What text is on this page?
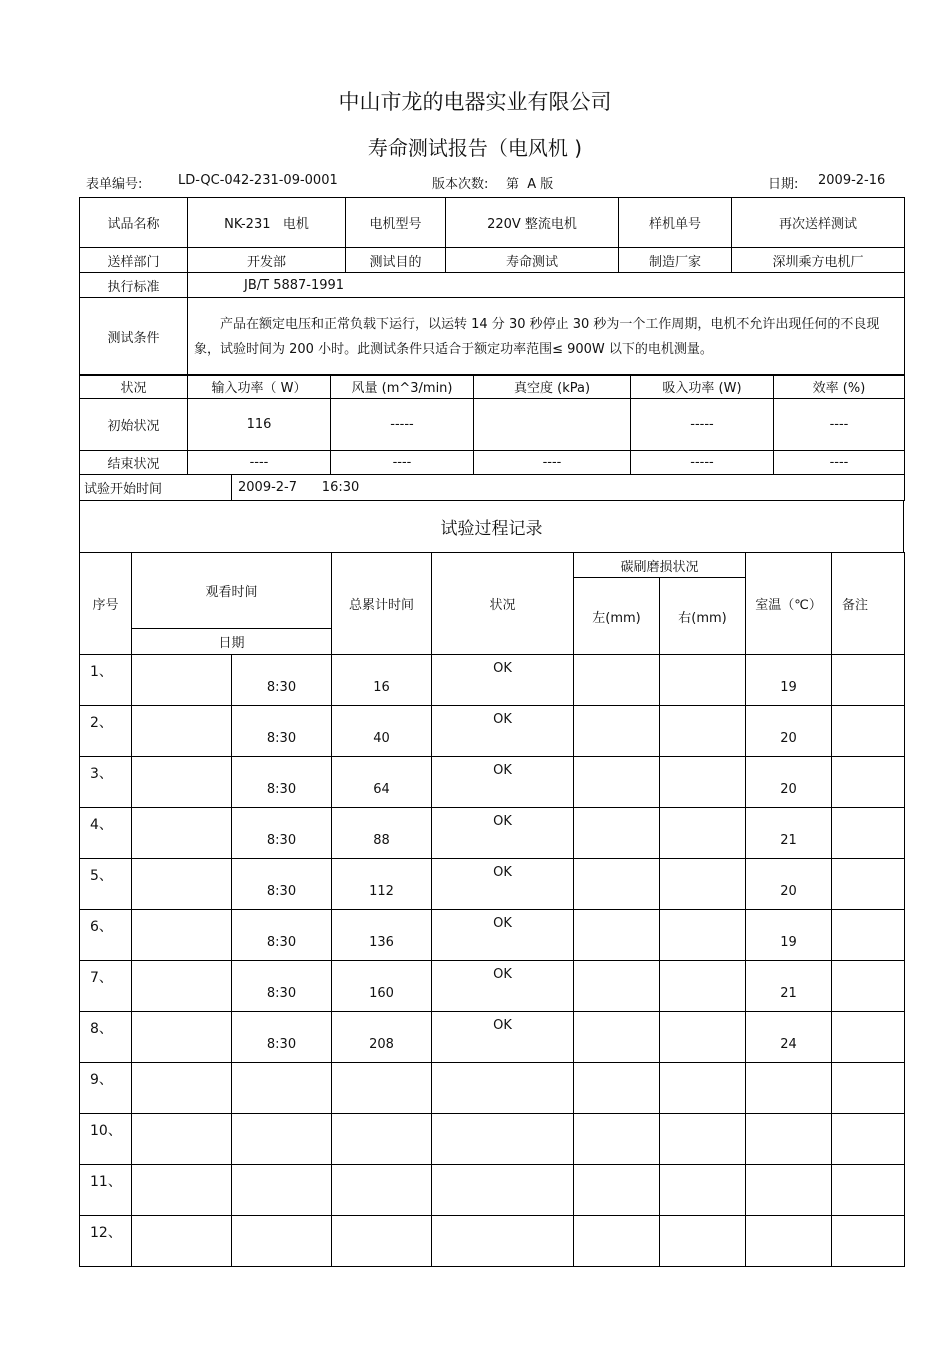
中山市龙的电器实业有限公司
寿命测试报告（电风机 )
表单编号:	LD-QC-042-231-09-0001	版本次数: 第  A 版	日期: 2009-2-16
试品名称	NK-231   电机	电机型号	220V 整流电机	样机单号	再次送样测试
送样部门	开发部	测试目的	寿命测试	制造厂家	深圳乘方电机厂
执行标准	JB/T 5887-1991				
测试条件	产品在额定电压和正常负载下运行，以运转 14 分 30 秒停止 30 秒为一个工作周期，电机不允许出现任何的不良现象，试验时间为 200 小时。此测试条件只适合于额定功率范围≤ 900W 以下的电机测量。				
状况	输入功率（ W）	风量 (m^3/min)	真空度 (kPa)	吸入功率 (W)	效率 (%)
初始状况	116	-----		-----	----
结束状况	----	----	----	-----	----
试验开始时间	2009-2-7      16:30
试验过程记录
序号	观看时间		总累计时间	状况	碳刷磨损状况		室温（℃）	备注
					左(mm)	右(mm)		
	日期							
1、		8:30	16	OK			19	
2、		8:30	40	OK			20	
3、		8:30	64	OK			20	
4、		8:30	88	OK			21	
5、		8:30	112	OK			20	
6、		8:30	136	OK			19	
7、		8:30	160	OK			21	
8、		8:30	208	OK			24	
9、								
10、								
11、								
12、								
